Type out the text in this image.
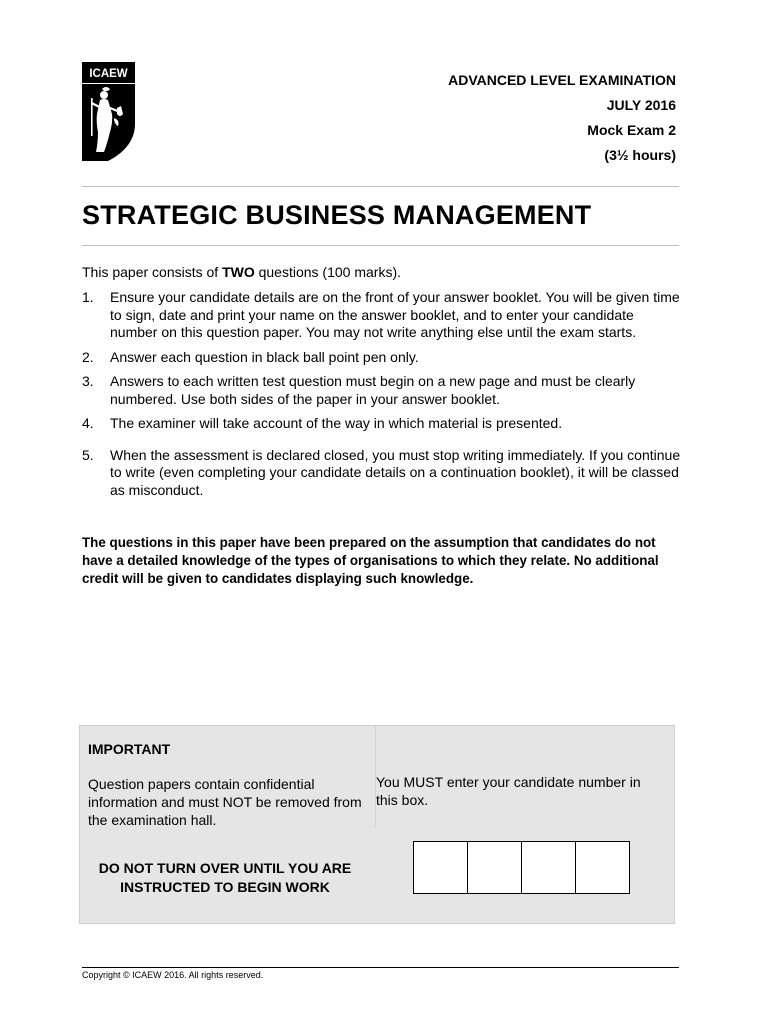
ICAEW	ADVANCED LEVEL EXAMINATION
JULY 2016
Mock Exam 2
(3½ hours)
STRATEGIC BUSINESS MANAGEMENT
This paper consists of TWO questions (100 marks).
1. Ensure your candidate details are on the front of your answer booklet. You will be given time to sign, date and print your name on the answer booklet, and to enter your candidate number on this question paper. You may not write anything else until the exam starts.
2. Answer each question in black ball point pen only.
3. Answers to each written test question must begin on a new page and must be clearly numbered. Use both sides of the paper in your answer booklet.
4. The examiner will take account of the way in which material is presented.
5. When the assessment is declared closed, you must stop writing immediately. If you continue to write (even completing your candidate details on a continuation booklet), it will be classed as misconduct.
The questions in this paper have been prepared on the assumption that candidates do not have a detailed knowledge of the types of organisations to which they relate. No additional credit will be given to candidates displaying such knowledge.
IMPORTANT
Question papers contain confidential information and must NOT be removed from the examination hall.
You MUST enter your candidate number in this box.
DO NOT TURN OVER UNTIL YOU ARE INSTRUCTED TO BEGIN WORK
Copyright © ICAEW 2016. All rights reserved.
